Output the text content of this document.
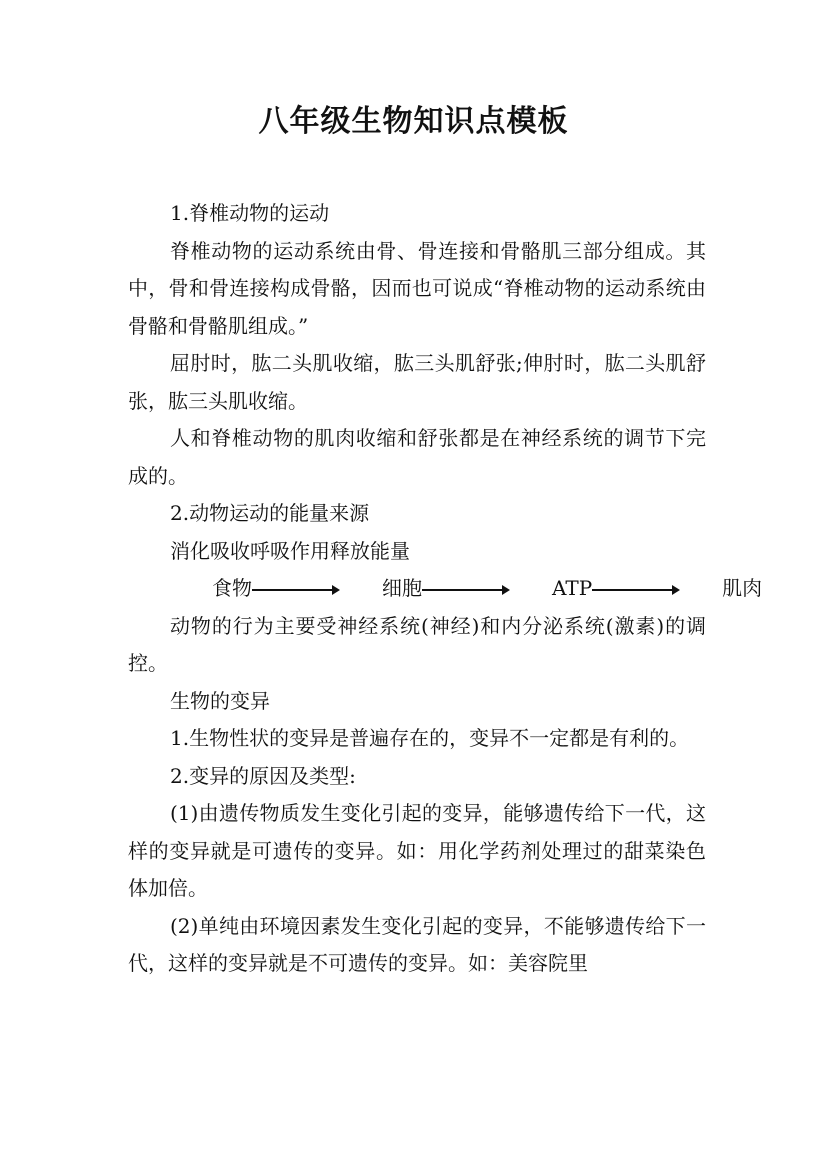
八年级生物知识点模板

1.脊椎动物的运动

脊椎动物的运动系统由骨、骨连接和骨骼肌三部分组成。其中，骨和骨连接构成骨骼，因而也可说成“脊椎动物的运动系统由骨骼和骨骼肌组成。”

屈肘时，肱二头肌收缩，肱三头肌舒张;伸肘时，肱二头肌舒张，肱三头肌收缩。

人和脊椎动物的肌肉收缩和舒张都是在神经系统的调节下完成的。

2.动物运动的能量来源

消化吸收呼吸作用释放能量

食物	细胞	ATP	肌肉

动物的行为主要受神经系统(神经)和内分泌系统(激素)的调控。

生物的变异

1.生物性状的变异是普遍存在的，变异不一定都是有利的。

2.变异的原因及类型:

(1)由遗传物质发生变化引起的变异，能够遗传给下一代，这样的变异就是可遗传的变异。如：用化学药剂处理过的甜菜染色体加倍。

(2)单纯由环境因素发生变化引起的变异，不能够遗传给下一代，这样的变异就是不可遗传的变异。如：美容院里
